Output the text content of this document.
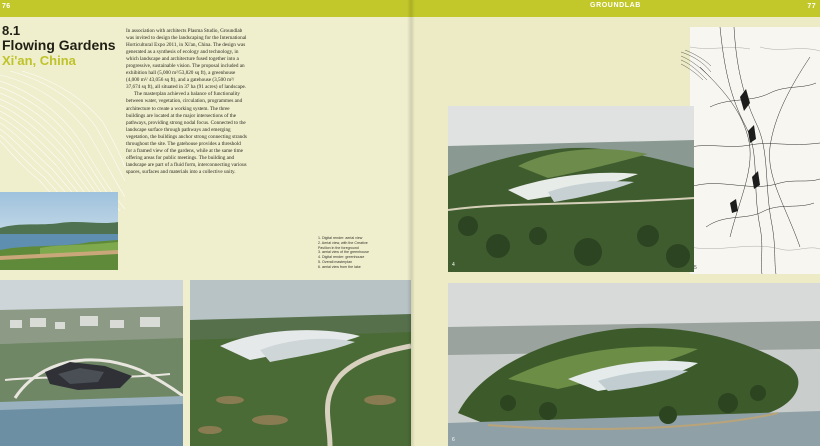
76
8.1
Flowing Gardens
Xi'an, China

In association with architects Plasma Studio, Groundlab was invited to design the landscaping for the International Horticultural Expo 2011, in Xi'an, China. The design was generated as a synthesis of ecology and technology, in which landscape and architecture fused together into a progressive, sustainable vision. The proposal included an exhibition hall (5,000 m²/53,820 sq ft), a greenhouse (4,000 m²/ 43,056 sq ft), and a gatehouse (3,500 m²/ 37,674 sq ft), all situated in 37 ha (91 acres) of landscape.

The masterplan achieved a balance of functionality between water, vegetation, circulation, programmes and architecture to create a working system. The three buildings are located at the major intersections of the pathways, providing strong nodal focus. Connected to the landscape surface through pathways and emerging vegetation, the buildings anchor strong connecting strands throughout the site. The gatehouse provides a threshold for a framed view of the gardens, while at the same time offering areas for public meetings. The building and landscape are part of a fluid form, interconnecting various spaces, surfaces and materials into a collective unity.

1. Digital render: aerial view
2. Aerial view, with the Creative
Pavilion in the foreground
3. aerial view of the greenhouse
4. Digital render: greenhouse
5. Overall masterplan
6. aerial view from the lake
GROUNDLAB	77
5
4
6
